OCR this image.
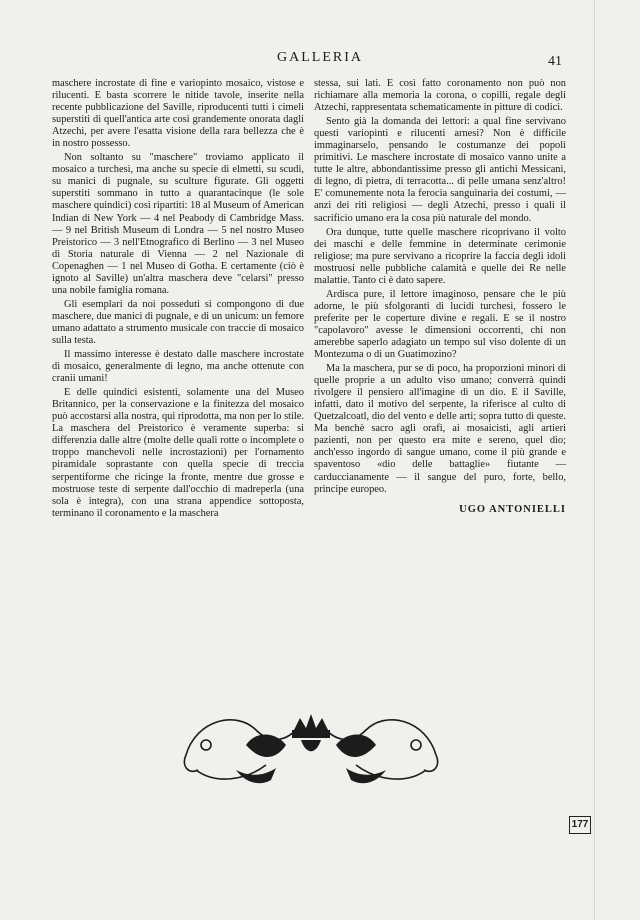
GALLERIA	41

maschere incrostate di fine e variopinto mosaico, vistose e rilucenti. E basta scorrere le nitide tavole, inserite nella recente pubblicazione del Saville, riproducenti tutti i cimeli superstiti di quell'antica arte così grandemente onorata dagli Atzechi, per avere l'esatta visione della rara bellezza che è in nostro possesso.

Non soltanto su "maschere" troviamo applicato il mosaico a turchesi, ma anche su specie di elmetti, su scudi, su manici di pugnale, su sculture figurate. Gli oggetti superstiti sommano in tutto a quarantacinque (le sole maschere quindici) così ripartiti: 18 al Museum of American Indian di New York — 4 nel Peabody di Cambridge Mass. — 9 nel British Museum di Londra — 5 nel nostro Museo Preistorico — 3 nell'Etnografico di Berlino — 3 nel Museo di Storia naturale di Vienna — 2 nel Nazionale di Copenaghen — 1 nel Museo di Gotha. E certamente (ciò è ignoto al Saville) un'altra maschera deve "celarsi" presso una nobile famiglia romana.

Gli esemplari da noi posseduti si compongono di due maschere, due manici di pugnale, e di un unicum: un femore umano adattato a strumento musicale con traccie di mosaico sulla testa.

Il massimo interesse è destato dalle maschere incrostate di mosaico, generalmente di legno, ma anche ottenute con cranii umani!

E delle quindici esistenti, solamente una del Museo Britannico, per la conservazione e la finitezza del mosaico può accostarsi alla nostra, qui riprodotta, ma non per lo stile. La maschera del Preistorico è veramente superba: si differenzia dalle altre (molte delle quali rotte o incomplete o troppo manchevoli nelle incrostazioni) per l'ornamento piramidale soprastante con quella specie di treccia serpentiforme che ricinge la fronte, mentre due grosse e mostruose teste di serpente dall'occhio di madreperla (una sola è integra), con una strana appendice sottoposta, terminano il coronamento e la maschera

stessa, sui lati. E così fatto coronamento non può non richiamare alla memoria la corona, o copilli, regale degli Atzechi, rappresentata schematicamente in pitture di codici.

Sento già la domanda dei lettori: a qual fine servivano questi variopinti e rilucenti arnesi? Non è difficile immaginarselo, pensando le costumanze dei popoli primitivi. Le maschere incrostate di mosaico vanno unite a tutte le altre, abbondantissime presso gli antichi Messicani, di legno, di pietra, di terracotta... di pelle umana senz'altro! E' comunemente nota la ferocia sanguinaria dei costumi, — anzi dei riti religiosi — degli Atzechi, presso i quali il sacrificio umano era la cosa più naturale del mondo.

Ora dunque, tutte quelle maschere ricoprivano il volto dei maschi e delle femmine in determinate cerimonie religiose; ma pure servivano a ricoprire la faccia degli idoli mostruosi nelle pubbliche calamità e quelle dei Re nelle malattie. Tanto ci è dato sapere.

Ardisca pure, il lettore imaginoso, pensare che le più adorne, le più sfolgoranti di lucidi turchesi, fossero le preferite per le coperture divine e regali. E se il nostro "capolavoro" avesse le dimensioni occorrenti, chi non amerebbe saperlo adagiato un tempo sul viso dolente di un Montezuma o di un Guatimozino?

Ma la maschera, pur se di poco, ha proporzioni minori di quelle proprie a un adulto viso umano; converrà quindi rivolgere il pensiero all'imagine di un dio. E il Saville, infatti, dato il motivo del serpente, la riferisce al culto di Quetzalcoatl, dio del vento e delle arti; sopra tutto di queste. Ma benchè sacro agli orafi, ai mosaicisti, agli artieri pazienti, non per questo era mite e sereno, quel dio; anch'esso ingordo di sangue umano, come il più grande e spaventoso «dio delle battaglie» fiutante — carduccianamente — il sangue del puro, forte, bello, principe europeo.

UGO ANTONIELLI
177
